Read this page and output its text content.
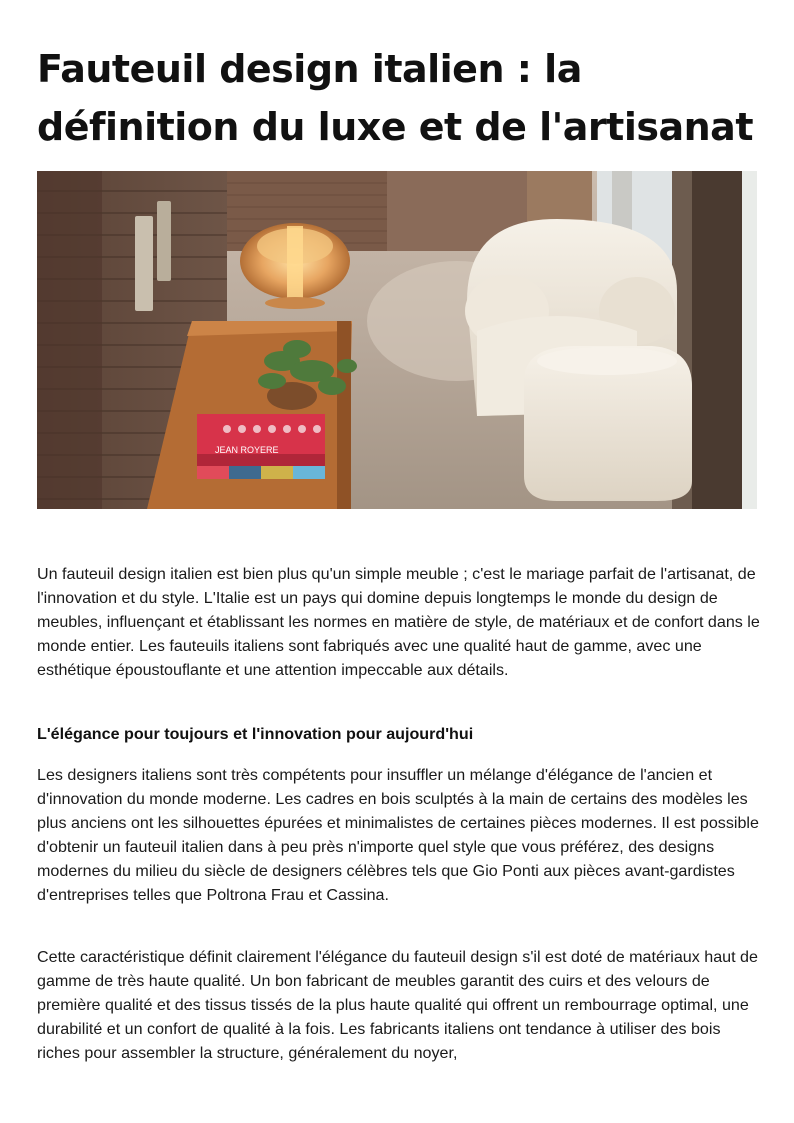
Fauteuil design italien : la définition du luxe et de l'artisanat
JEAN ROYERE

Un fauteuil design italien est bien plus qu'un simple meuble ; c'est le mariage parfait de l'artisanat, de l'innovation et du style. L'Italie est un pays qui domine depuis longtemps le monde du design de meubles, influençant et établissant les normes en matière de style, de matériaux et de confort dans le monde entier. Les fauteuils italiens sont fabriqués avec une qualité haut de gamme, avec une esthétique époustouflante et une attention impeccable aux détails.

L'élégance pour toujours et l'innovation pour aujourd'hui

Les designers italiens sont très compétents pour insuffler un mélange d'élégance de l'ancien et d'innovation du monde moderne. Les cadres en bois sculptés à la main de certains des modèles les plus anciens ont les silhouettes épurées et minimalistes de certaines pièces modernes. Il est possible d'obtenir un fauteuil italien dans à peu près n'importe quel style que vous préférez, des designs modernes du milieu du siècle de designers célèbres tels que Gio Ponti aux pièces avant-gardistes d'entreprises telles que Poltrona Frau et Cassina.

Cette caractéristique définit clairement l'élégance du fauteuil design s'il est doté de matériaux haut de gamme de très haute qualité. Un bon fabricant de meubles garantit des cuirs et des velours de première qualité et des tissus tissés de la plus haute qualité qui offrent un rembourrage optimal, une durabilité et un confort de qualité à la fois. Les fabricants italiens ont tendance à utiliser des bois riches pour assembler la structure, généralement du noyer,
